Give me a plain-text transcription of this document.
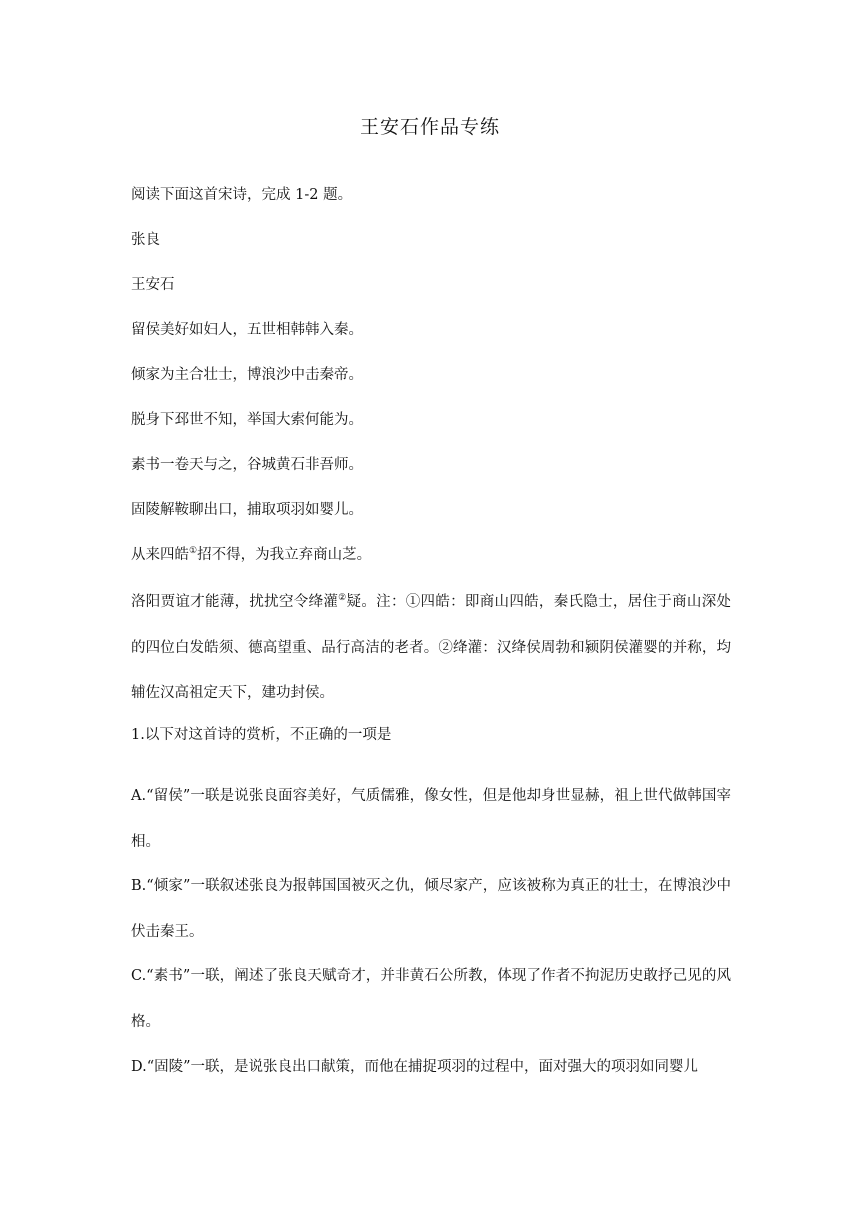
王安石作品专练
阅读下面这首宋诗，完成 1-2 题。
张良
王安石
留侯美好如妇人，五世相韩韩入秦。
倾家为主合壮士，博浪沙中击秦帝。
脱身下邳世不知，举国大索何能为。
素书一卷天与之，谷城黄石非吾师。
固陵解鞍聊出口，捕取项羽如婴儿。
从来四皓①招不得，为我立弃商山芝。
洛阳贾谊才能薄，扰扰空令绛灌②疑。注：①四皓：即商山四皓，秦氏隐士，居住于商山深处的四位白发皓须、德高望重、品行高洁的老者。②绛灌：汉绛侯周勃和颍阴侯灌婴的并称，均辅佐汉高祖定天下，建功封侯。
1.以下对这首诗的赏析，不正确的一项是
A.“留侯”一联是说张良面容美好，气质儒雅，像女性，但是他却身世显赫，祖上世代做韩国宰相。
B.“倾家”一联叙述张良为报韩国国被灭之仇，倾尽家产，应该被称为真正的壮士，在博浪沙中伏击秦王。
C.“素书”一联，阐述了张良天赋奇才，并非黄石公所教，体现了作者不拘泥历史敢抒己见的风格。
D.“固陵”一联，是说张良出口献策，而他在捕捉项羽的过程中，面对强大的项羽如同婴儿
